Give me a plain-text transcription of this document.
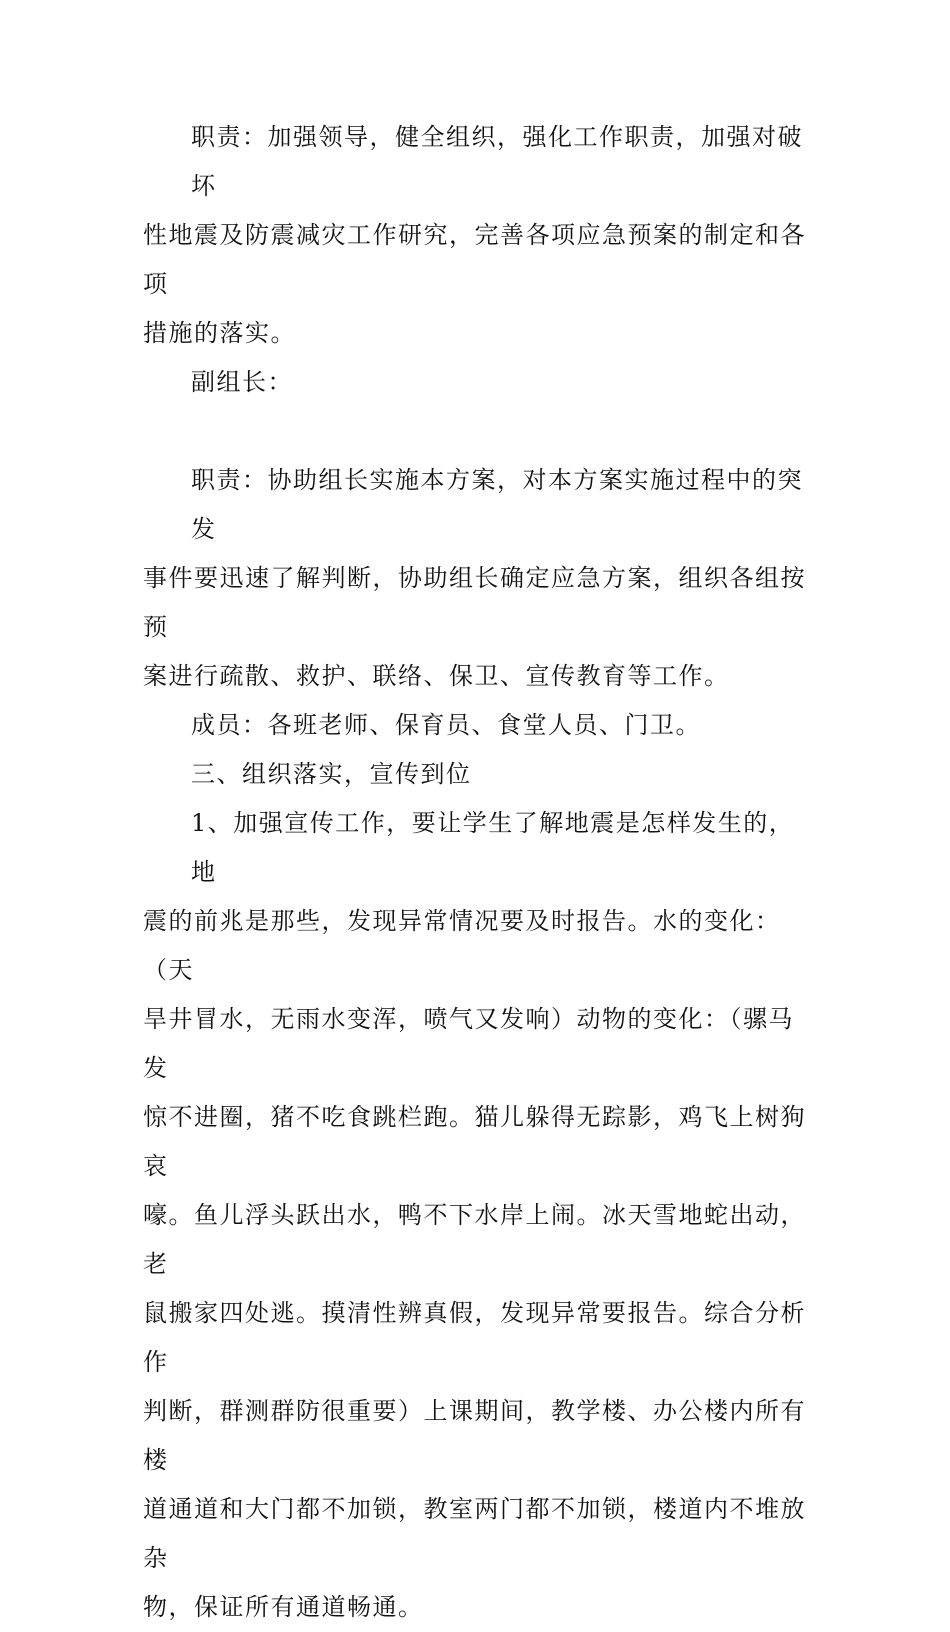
职责：加强领导，健全组织，强化工作职责，加强对破坏
性地震及防震减灾工作研究，完善各项应急预案的制定和各项
措施的落实。
副组长：
职责：协助组长实施本方案，对本方案实施过程中的突发
事件要迅速了解判断，协助组长确定应急方案，组织各组按预
案进行疏散、救护、联络、保卫、宣传教育等工作。
成员：各班老师、保育员、食堂人员、门卫。
三、组织落实，宣传到位
1、加强宣传工作，要让学生了解地震是怎样发生的，地
震的前兆是那些，发现异常情况要及时报告。水的变化：（天
旱井冒水，无雨水变浑，喷气又发响）动物的变化：（骡马发
惊不进圈，猪不吃食跳栏跑。猫儿躲得无踪影，鸡飞上树狗哀
嚎。鱼儿浮头跃出水，鸭不下水岸上闹。冰天雪地蛇出动，老
鼠搬家四处逃。摸清性辨真假，发现异常要报告。综合分析作
判断，群测群防很重要）上课期间，教学楼、办公楼内所有楼
道通道和大门都不加锁，教室两门都不加锁，楼道内不堆放杂
物，保证所有通道畅通。
